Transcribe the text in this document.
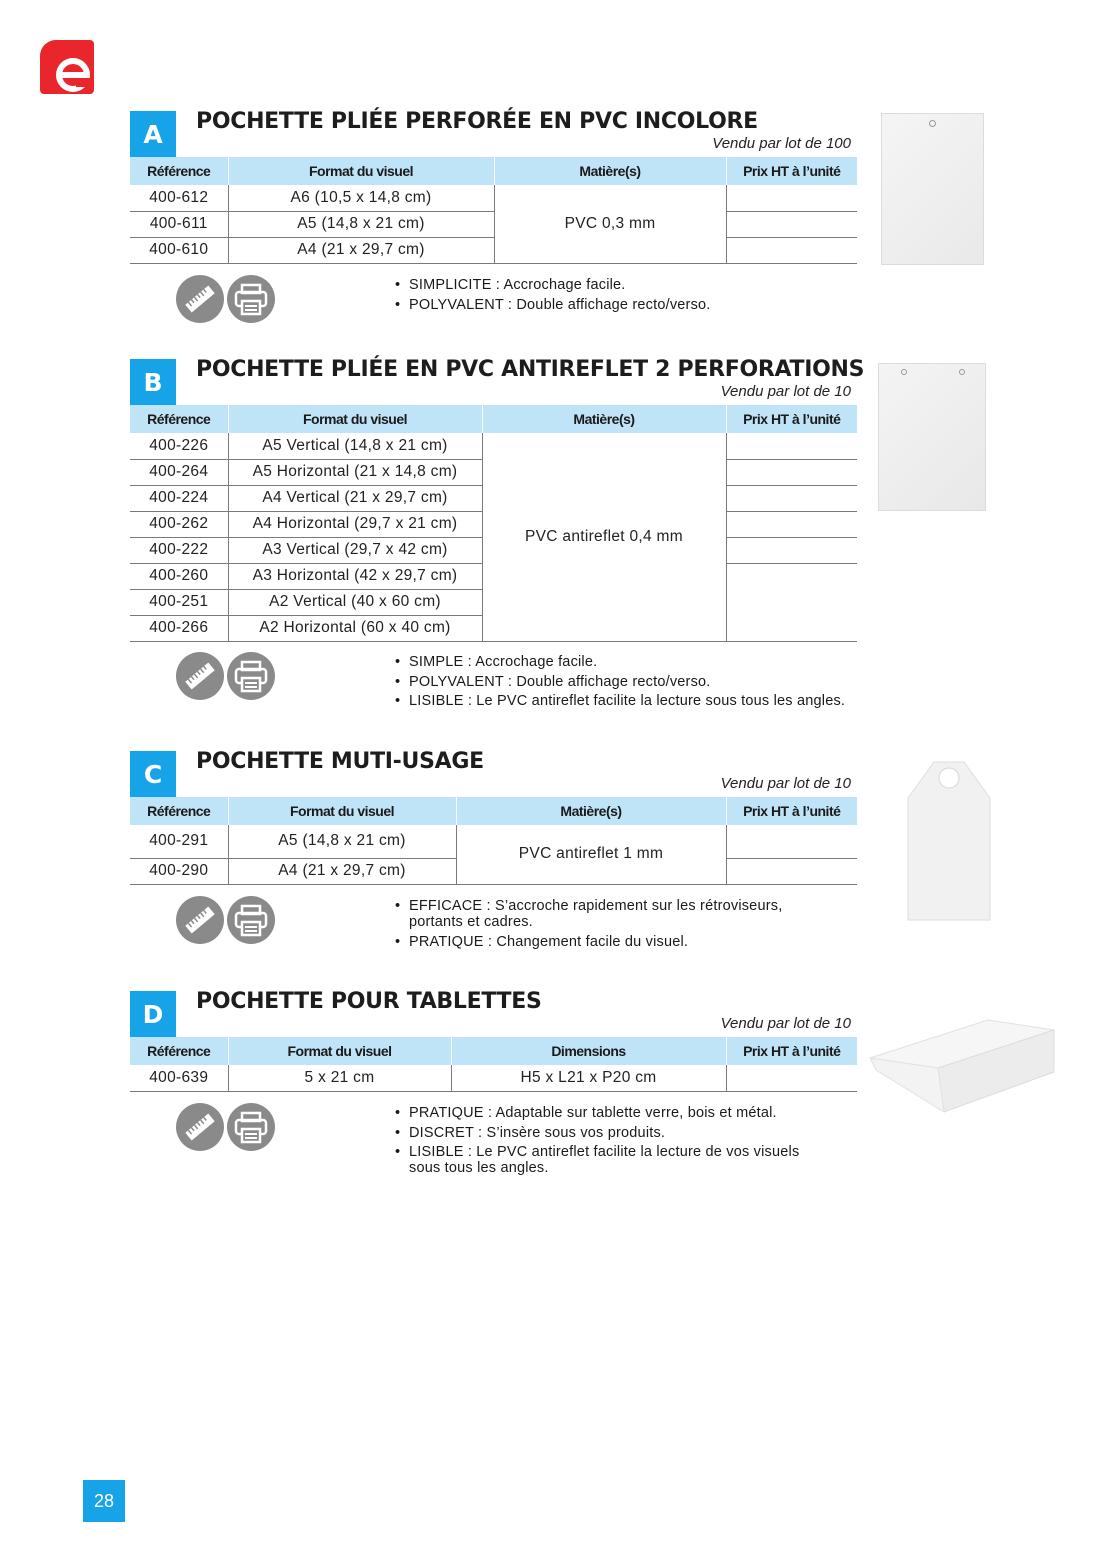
A	POCHETTE PLIÉE PERFORÉE EN PVC INCOLORE
Vendu par lot de 100
Référence	Format du visuel	Matière(s)	Prix HT à l’unité
400-612	A6 (10,5 x 14,8 cm)	PVC 0,3 mm	
400-611	A5 (14,8 x 21 cm)		
400-610	A4 (21 x 29,7 cm)		
• SIMPLICITE : Accrochage facile.
• POLYVALENT : Double affichage recto/verso.
B	POCHETTE PLIÉE EN PVC ANTIREFLET 2 PERFORATIONS
Vendu par lot de 10
Référence	Format du visuel	Matière(s)	Prix HT à l’unité
400-226	A5 Vertical (14,8 x 21 cm)	PVC antireflet 0,4 mm	
400-264	A5 Horizontal (21 x 14,8 cm)		
400-224	A4 Vertical (21 x 29,7 cm)		
400-262	A4 Horizontal (29,7 x 21 cm)		
400-222	A3 Vertical (29,7 x 42 cm)		
400-260	A3 Horizontal (42 x 29,7 cm)		
400-251	A2 Vertical (40 x 60 cm)		
400-266	A2 Horizontal (60 x 40 cm)		
• SIMPLE : Accrochage facile.
• POLYVALENT : Double affichage recto/verso.
• LISIBLE : Le PVC antireflet facilite la lecture sous tous les angles.
C	POCHETTE MUTI-USAGE
Vendu par lot de 10
Référence	Format du visuel	Matière(s)	Prix HT à l’unité
400-291	A5 (14,8 x 21 cm)	PVC antireflet 1 mm	
400-290	A4 (21 x 29,7 cm)		
• EFFICACE : S’accroche rapidement sur les rétroviseurs, portants et cadres.
• PRATIQUE : Changement facile du visuel.
D	POCHETTE POUR TABLETTES
Vendu par lot de 10
Référence	Format du visuel	Dimensions	Prix HT à l’unité
400-639	5 x 21 cm	H5 x L21 x P20 cm	
• PRATIQUE : Adaptable sur tablette verre, bois et métal.
• DISCRET : S’insère sous vos produits.
• LISIBLE : Le PVC antireflet facilite la lecture de vos visuels sous tous les angles.
28
